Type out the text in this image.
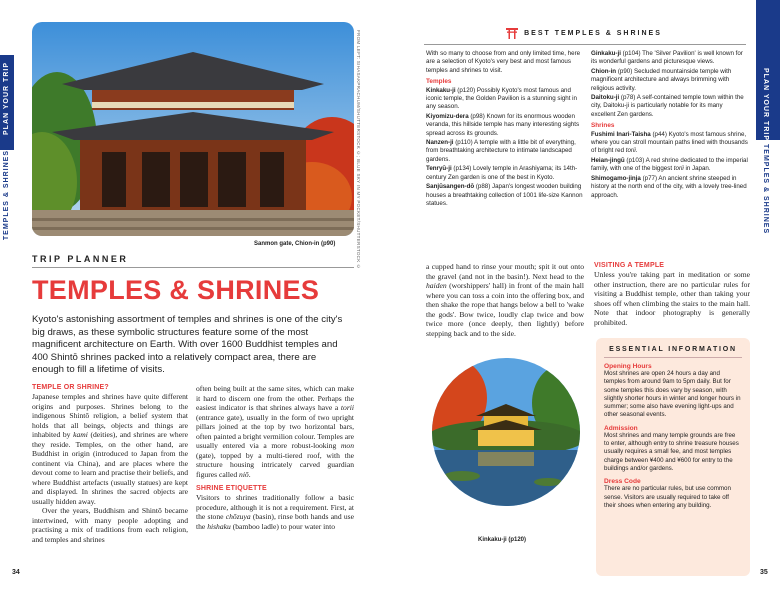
PLAN YOUR TRIP
TEMPLES & SHRINES	FROM LEFT: SIHASAKPRACHUM/SHUTTERSTOCK ©; BLUE SKY IN MY POCKET/SHUTTERSTOCK ©
Sanmon gate, Chion-in (p90)
TRIP PLANNER
TEMPLES & SHRINES
Kyoto's astonishing assortment of temples and shrines is one of the city's big draws, as these symbolic structures feature some of the most magnificent architecture on Earth. With over 1600 Buddhist temples and 400 Shintō shrines packed into a relatively compact area, there are enough to fill a lifetime of visits.
TEMPLE OR SHRINE?
Japanese temples and shrines have quite different origins and purposes. Shrines belong to the indigenous Shintō religion, a belief system that holds that all beings, objects and things are inhabited by kami (deities), and shrines are where they reside. Temples, on the other hand, are Buddhist in origin (introduced to Japan from the continent via China), and are places where the devout come to learn and practise their beliefs, and where Buddhist artefacts (usually statues) are kept and displayed. In shrines the sacred objects are usually hidden away.
Over the years, Buddhism and Shintō became intertwined, with many people adopting and practising a mix of traditions from each religion, and temples and shrines
often being built at the same sites, which can make it hard to discern one from the other. Perhaps the easiest indicator is that shrines always have a torii (entrance gate), usually in the form of two upright pillars joined at the top by two horizontal bars, often painted a bright vermilion colour. Temples are usually entered via a more robust-looking mon (gate), topped by a multi-tiered roof, with the structure housing intricately carved guardian figures called niō.
SHRINE ETIQUETTE
Visitors to shrines traditionally follow a basic procedure, although it is not a requirement. First, at the stone chōzuya (basin), rinse both hands and use the hishaku (bamboo ladle) to pour water into
34
PLAN YOUR TRIP
TEMPLES & SHRINES
BEST TEMPLES & SHRINES
With so many to choose from and only limited time, here are a selection of Kyoto's very best and most famous temples and shrines to visit.
Temples
Kinkaku-ji (p120) Possibly Kyoto's most famous and iconic temple, the Golden Pavilion is a stunning sight in any season.
Kiyomizu-dera (p98) Known for its enormous wooden veranda, this hillside temple has many interesting sights spread across its grounds.
Nanzen-ji (p110) A temple with a little bit of everything, from breathtaking architecture to intimate landscaped gardens.
Tenryū-ji (p134) Lovely temple in Arashiyama; its 14th-century Zen garden is one of the best in Kyoto.
Sanjūsangen-dō (p88) Japan's longest wooden building houses a breathtaking collection of 1001 life-size Kannon statues.
Ginkaku-ji (p104) The 'Silver Pavilion' is well known for its wonderful gardens and picturesque views.
Chion-in (p90) Secluded mountainside temple with magnificent architecture and always brimming with religious activity.
Daitoku-ji (p78) A self-contained temple town within the city, Daitoku-ji is particularly notable for its many excellent Zen gardens.
Shrines
Fushimi Inari-Taisha (p44) Kyoto's most famous shrine, where you can stroll mountain paths lined with thousands of bright red torii.
Heian-jingū (p103) A red shrine dedicated to the imperial family, with one of the biggest torii in Japan.
Shimogamo-jinja (p77) An ancient shrine steeped in history at the north end of the city, with a lovely tree-lined approach.
a cupped hand to rinse your mouth; spit it out onto the gravel (and not in the basin!). Next head to the haiden (worshippers' hall) in front of the main hall where you can toss a coin into the offering box, and then shake the rope that hangs below a bell to 'wake the gods'. Bow twice, loudly clap twice and bow twice more (once deeply, then lightly) before stepping back and to the side.
VISITING A TEMPLE
Unless you're taking part in meditation or some other instruction, there are no particular rules for visiting a Buddhist temple, other than taking your shoes off when climbing the stairs to the main hall. Note that indoor photography is generally prohibited.
Kinkaku-ji (p120)
ESSENTIAL INFORMATION
Opening Hours
Most shrines are open 24 hours a day and temples from around 9am to 5pm daily. But for some temples this does vary by season, with slightly shorter hours in winter and longer hours in summer; some also have evening light-ups and other seasonal events.
Admission
Most shrines and many temple grounds are free to enter, although entry to shrine treasure houses usually requires a small fee, and most temples charge between ¥400 and ¥600 for entry to the buildings and/or gardens.
Dress Code
There are no particular rules, but use common sense. Visitors are usually required to take off their shoes when entering any building.
35
